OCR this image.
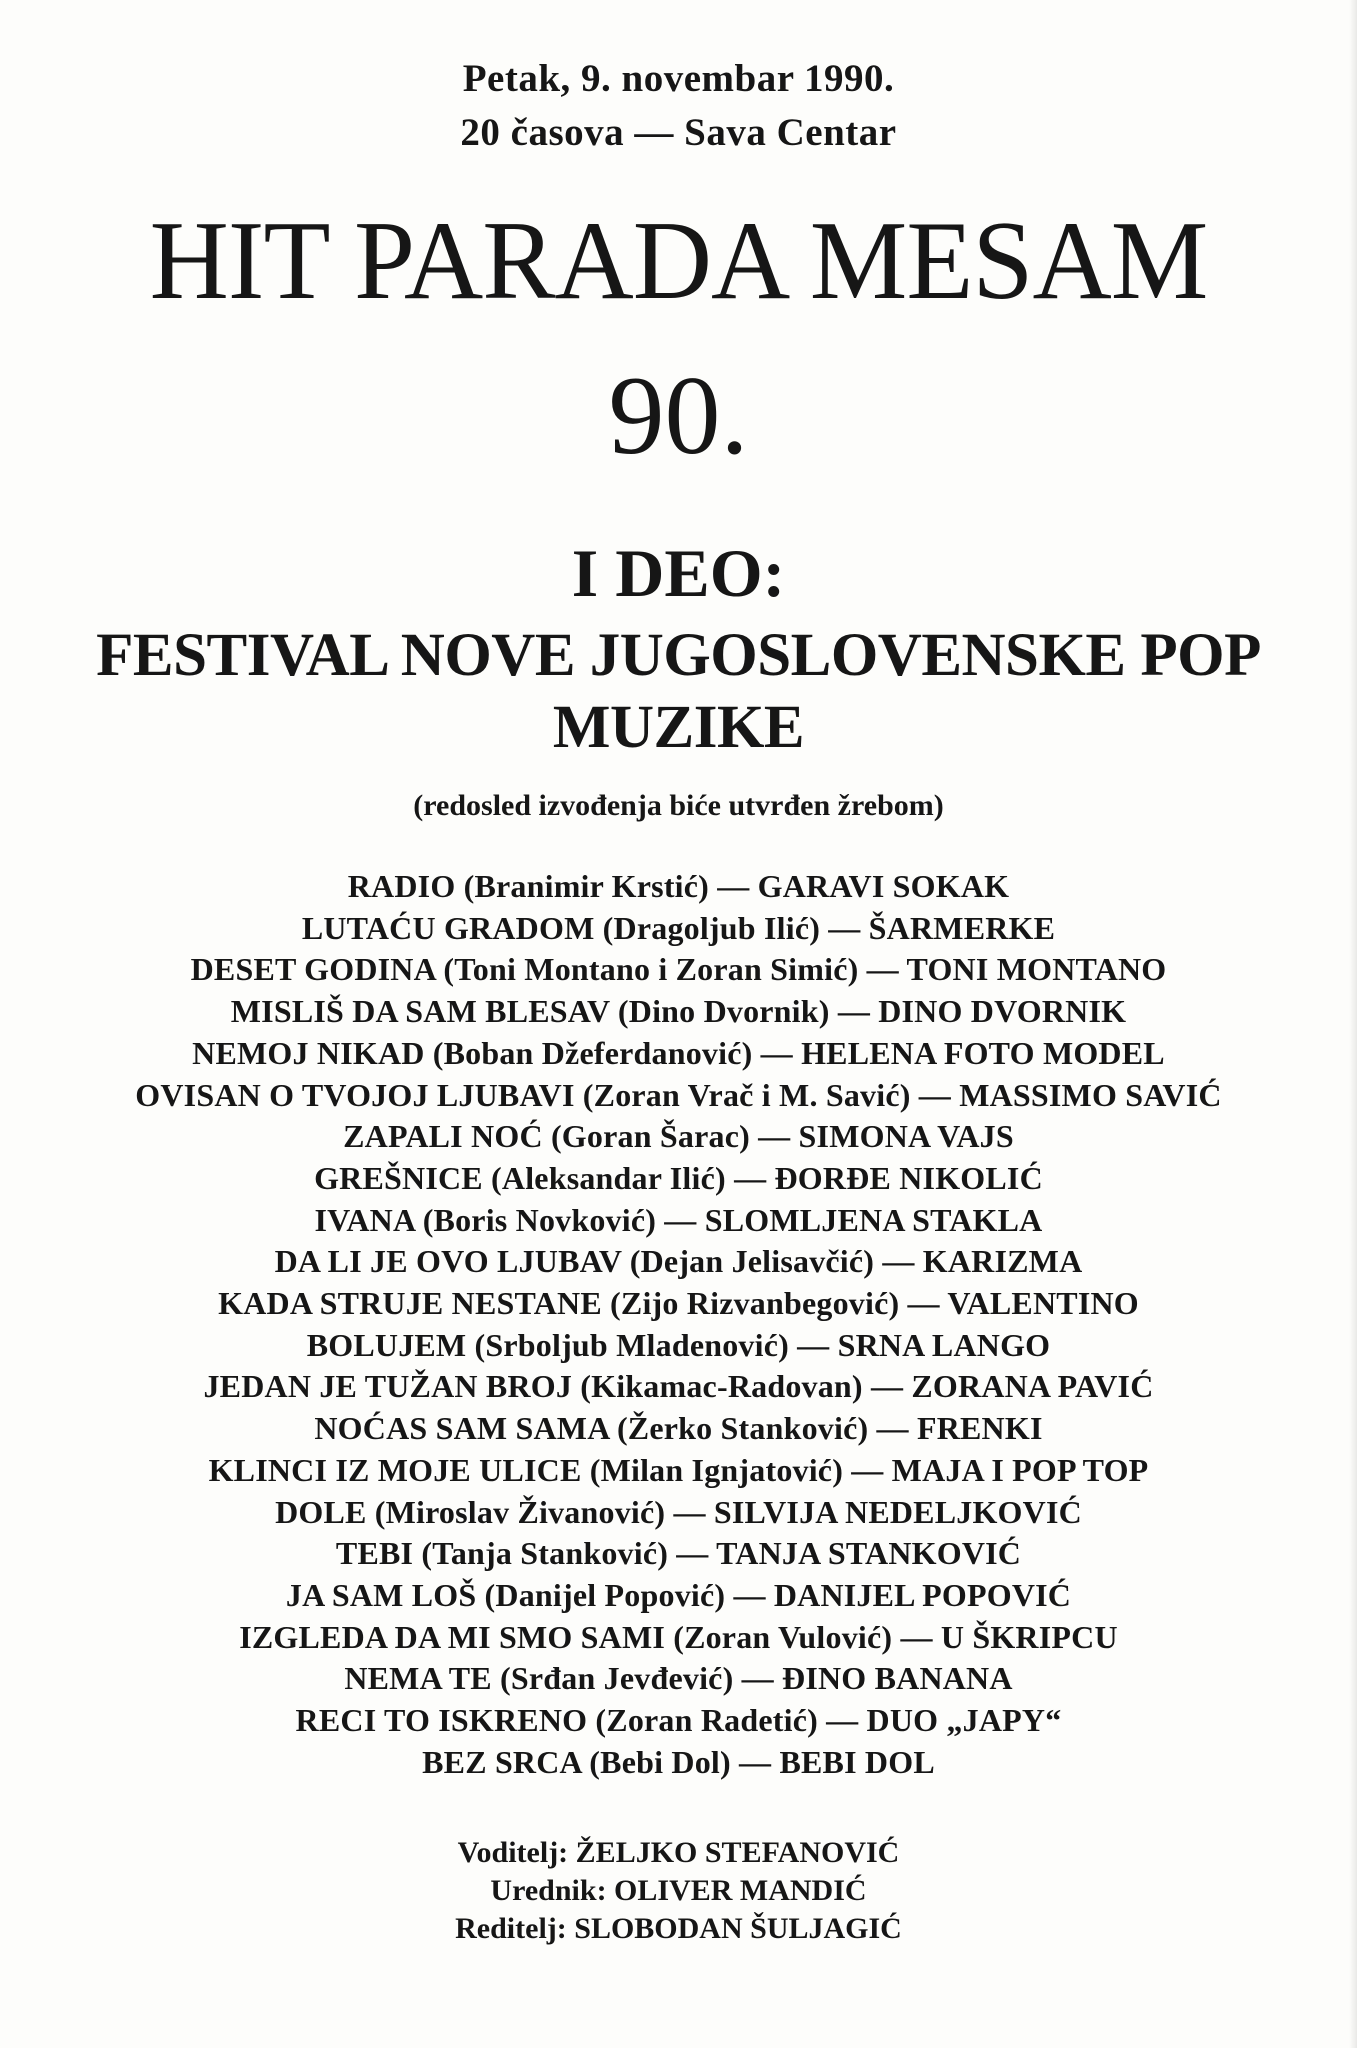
Petak, 9. novembar 1990.
20 časova — Sava Centar
HIT PARADA MESAM
90.
I DEO:
FESTIVAL NOVE JUGOSLOVENSKE POP
MUZIKE
(redosled izvođenja biće utvrđen žrebom)
RADIO (Branimir Krstić) — GARAVI SOKAK
LUTAĆU GRADOM (Dragoljub Ilić) — ŠARMERKE
DESET GODINA (Toni Montano i Zoran Simić) — TONI MONTANO
MISLIŠ DA SAM BLESAV (Dino Dvornik) — DINO DVORNIK
NEMOJ NIKAD (Boban Džeferdanović) — HELENA FOTO MODEL
OVISAN O TVOJOJ LJUBAVI (Zoran Vrač i M. Savić) — MASSIMO SAVIĆ
ZAPALI NOĆ (Goran Šarac) — SIMONA VAJS
GREŠNICE (Aleksandar Ilić) — ĐORĐE NIKOLIĆ
IVANA (Boris Novković) — SLOMLJENA STAKLA
DA LI JE OVO LJUBAV (Dejan Jelisavčić) — KARIZMA
KADA STRUJE NESTANE (Zijo Rizvanbegović) — VALENTINO
BOLUJEM (Srboljub Mladenović) — SRNA LANGO
JEDAN JE TUŽAN BROJ (Kikamac-Radovan) — ZORANA PAVIĆ
NOĆAS SAM SAMA (Žerko Stanković) — FRENKI
KLINCI IZ MOJE ULICE (Milan Ignjatović) — MAJA I POP TOP
DOLE (Miroslav Živanović) — SILVIJA NEDELJKOVIĆ
TEBI (Tanja Stanković) — TANJA STANKOVIĆ
JA SAM LOŠ (Danijel Popović) — DANIJEL POPOVIĆ
IZGLEDA DA MI SMO SAMI (Zoran Vulović) — U ŠKRIPCU
NEMA TE (Srđan Jevđević) — ĐINO BANANA
RECI TO ISKRENO (Zoran Radetić) — DUO „JAPY“
BEZ SRCA (Bebi Dol) — BEBI DOL
Voditelj: ŽELJKO STEFANOVIĆ
Urednik: OLIVER MANDIĆ
Reditelj: SLOBODAN ŠULJAGIĆ
